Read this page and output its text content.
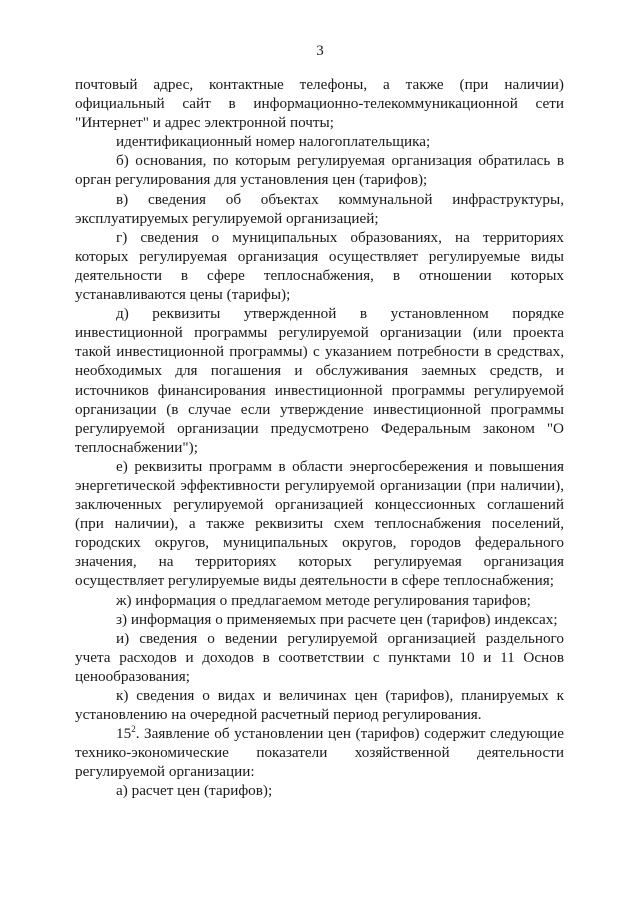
3

почтовый адрес, контактные телефоны, а также (при наличии) официальный сайт в информационно-телекоммуникационной сети "Интернет" и адрес электронной почты;

идентификационный номер налогоплательщика;

б) основания, по которым регулируемая организация обратилась в орган регулирования для установления цен (тарифов);

в) сведения об объектах коммунальной инфраструктуры, эксплуатируемых регулируемой организацией;

г) сведения о муниципальных образованиях, на территориях которых регулируемая организация осуществляет регулируемые виды деятельности в сфере теплоснабжения, в отношении которых устанавливаются цены (тарифы);

д) реквизиты утвержденной в установленном порядке инвестиционной программы регулируемой организации (или проекта такой инвестиционной программы) с указанием потребности в средствах, необходимых для погашения и обслуживания заемных средств, и источников финансирования инвестиционной программы регулируемой организации (в случае если утверждение инвестиционной программы регулируемой организации предусмотрено Федеральным законом "О теплоснабжении");

е) реквизиты программ в области энергосбережения и повышения энергетической эффективности регулируемой организации (при наличии), заключенных регулируемой организацией концессионных соглашений (при наличии), а также реквизиты схем теплоснабжения поселений, городских округов, муниципальных округов, городов федерального значения, на территориях которых регулируемая организация осуществляет регулируемые виды деятельности в сфере теплоснабжения;

ж) информация о предлагаемом методе регулирования тарифов;

з) информация о применяемых при расчете цен (тарифов) индексах;

и) сведения о ведении регулируемой организацией раздельного учета расходов и доходов в соответствии с пунктами 10 и 11 Основ ценообразования;

к) сведения о видах и величинах цен (тарифов), планируемых к установлению на очередной расчетный период регулирования.

$15^2$. Заявление об установлении цен (тарифов) содержит следующие технико-экономические показатели хозяйственной деятельности регулируемой организации:

а) расчет цен (тарифов);
